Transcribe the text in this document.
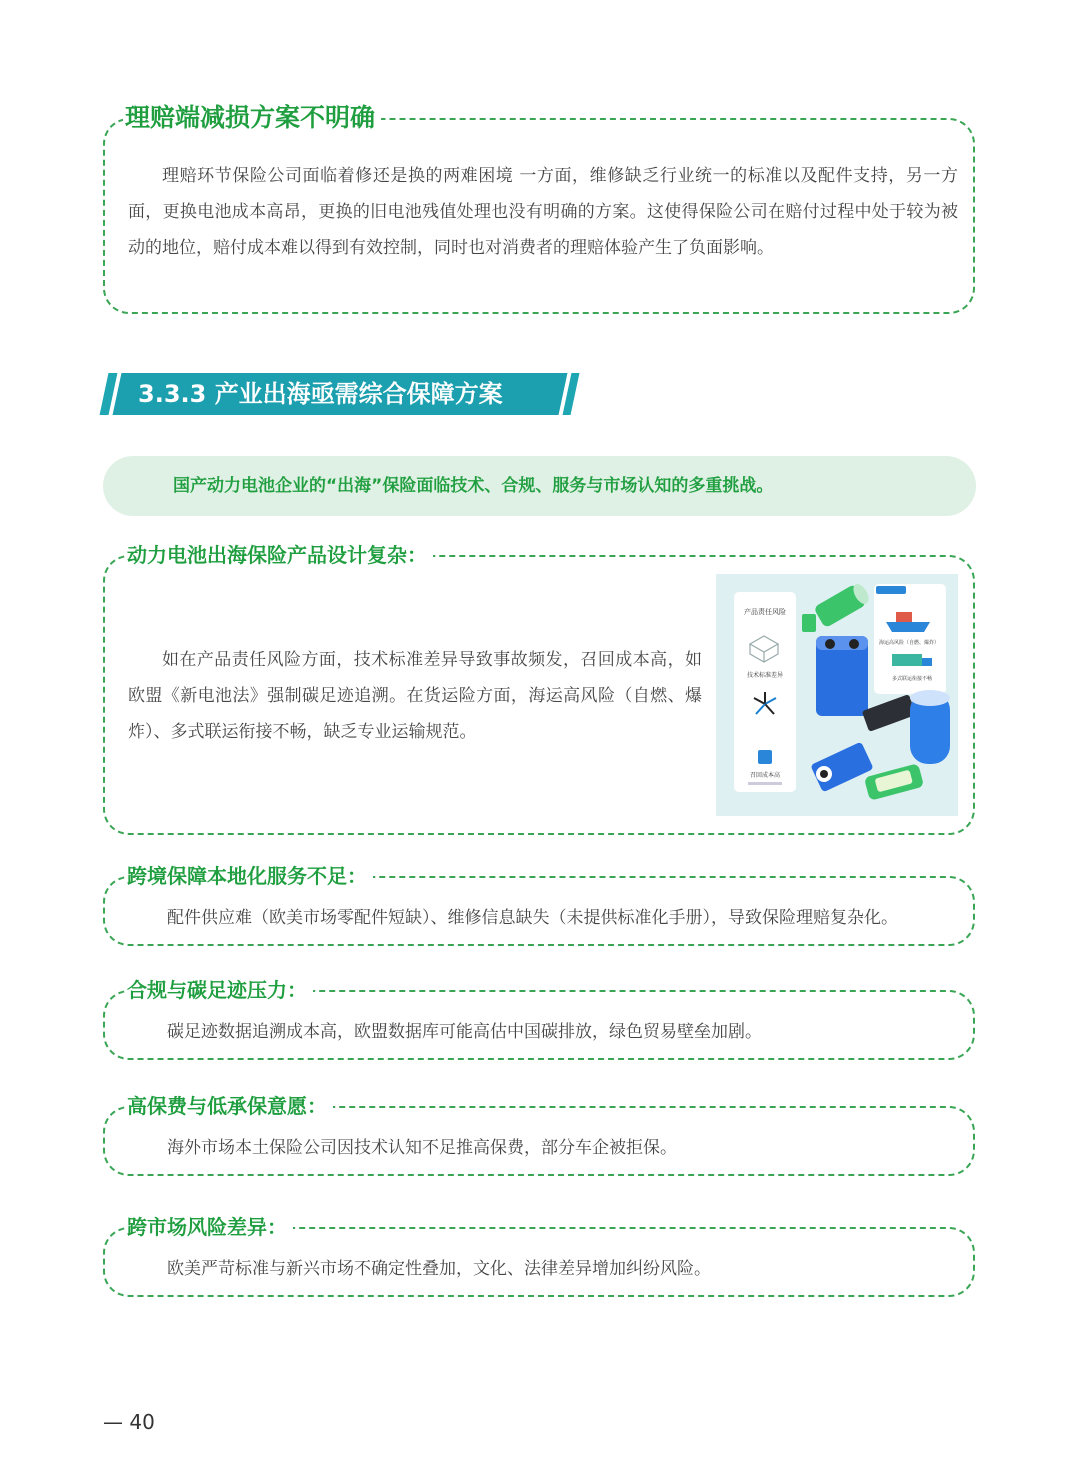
理赔端减损方案不明确
理赔环节保险公司面临着修还是换的两难困境 一方面，维修缺乏行业统一的标准以及配件支持，另一方面，更换电池成本高昂，更换的旧电池残值处理也没有明确的方案。这使得保险公司在赔付过程中处于较为被动的地位，赔付成本难以得到有效控制，同时也对消费者的理赔体验产生了负面影响。
3.3.3 产业出海亟需综合保障方案
国产动力电池企业的“出海”保险面临技术、合规、服务与市场认知的多重挑战。
动力电池出海保险产品设计复杂：
如在产品责任风险方面，技术标准差异导致事故频发，召回成本高，如欧盟《新电池法》强制碳足迹追溯。在货运险方面，海运高风险（自燃、爆炸）、多式联运衔接不畅，缺乏专业运输规范。
产品责任风险
技术标准差异
召回成本高
海运高风险（自燃、爆炸）
多式联运衔接不畅
跨境保障本地化服务不足：
配件供应难（欧美市场零配件短缺）、维修信息缺失（未提供标准化手册），导致保险理赔复杂化。
合规与碳足迹压力：
碳足迹数据追溯成本高，欧盟数据库可能高估中国碳排放，绿色贸易壁垒加剧。
高保费与低承保意愿：
海外市场本土保险公司因技术认知不足推高保费，部分车企被拒保。
跨市场风险差异：
欧美严苛标准与新兴市场不确定性叠加，文化、法律差异增加纠纷风险。
— 40
